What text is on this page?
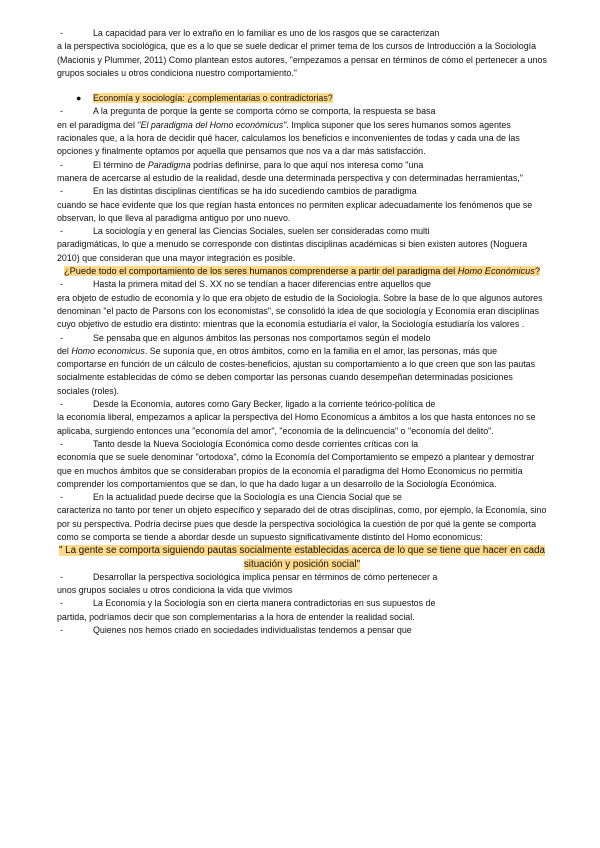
-	La capacidad para ver lo extraño en lo familiar es uno de los rasgos que se caracterizan
a la perspectiva sociológica, que es a lo que se suele dedicar el primer tema de los cursos de Introducción a la Sociología (Macionis y Plummer, 2011) Como plantean estos autores, "empezamos a pensar en términos de cómo el pertenecer a unos grupos sociales u otros condiciona nuestro comportamiento."
● Economía y sociología: ¿complementarias o contradictorias?
-	A la pregunta de porque la gente se comporta cómo se comporta, la respuesta se basa
en el paradigma del "El paradigma del Homo económicus". Implica suponer que los seres humanos somos agentes racionales que, a la hora de decidir qué hacer, calculamos los beneficios e inconvenientes de todas y cada una de las opciones y finalmente optamos por aquella que pensamos que nos va a dar más satisfacción.
-	El término de Paradigma podrías definirse, para lo que aquí nos interesa como "una
manera de acercarse al estudio de la realidad, desde una determinada perspectiva y con determinadas herramientas,"
-	En las distintas disciplinas científicas se ha ido sucediendo cambios de paradigma
cuando se hace evidente que los que regían hasta entonces no permiten explicar adecuadamente los fenómenos que se observan, lo que lleva al paradigma antiguo por uno nuevo.
-	La sociología y en general las Ciencias Sociales, suelen ser consideradas como multi
paradigmáticas, lo que a menudo se corresponde con distintas disciplinas académicas si bien existen autores (Noguera 2010) que consideran que una mayor integración es posible.
¿Puede todo el comportamiento de los seres humanos comprenderse a partir del paradigma del Homo Económicus?
-	Hasta la primera mitad del S. XX no se tendían a hacer diferencias entre aquellos que
era objeto de estudio de economía y lo que era objeto de estudio de la Sociología. Sobre la base de lo que algunos autores denominan "el pacto de Parsons con los economistas", se consolidó la idea de que sociología y Economía eran disciplinas cuyo objetivo de estudio era distinto: mientras que la economía estudiaría el valor, la Sociología estudiaría los valores .
-	Se pensaba que en algunos ámbitos las personas nos comportamos según el modelo
del Homo economicus. Se suponía que, en otros ámbitos, como en la familia en el amor, las personas, más que comportarse en función de un cálculo de costes-beneficios, ajustan su comportamiento a lo que creen que son las pautas socialmente establecidas de cómo se deben comportar las personas cuando desempeñan determinadas posiciones sociales (roles).
-	Desde la Economía, autores como Gary Becker, ligado a la corriente teórico-política de
la economía liberal, empezamos a aplicar la perspectiva del Homo Economicus a ámbitos a los que hasta entonces no se aplicaba, surgiendo entonces una "economía del amor", "economía de la delincuencia" o "economía del delito".
-	Tanto desde la Nueva Sociología Económica como desde corrientes críticas con la
economía que se suele denominar "ortodoxa", cómo la Economía del Comportamiento se empezó a plantear y demostrar que en muchos ámbitos que se consideraban propios de la economía el paradigma del Homo Economicus no permitía comprender los comportamientos que se dan, lo que ha dado lugar a un desarrollo de la Sociología Económica.
-	En la actualidad puede decirse que la Sociología es una Ciencia Social que se
caracteriza no tanto por tener un objeto específico y separado del de otras disciplinas, como, por ejemplo, la Economía, sino por su perspectiva. Podría decirse pues que desde la perspectiva sociológica la cuestión de por qué la gente se comporta como se comporta se tiende a abordar desde un supuesto significativamente distinto del Homo economicus:
" La gente se comporta siguiendo pautas socialmente establecidas acerca de lo que se tiene que hacer en cada situación y posición social"
-	Desarrollar la perspectiva sociológica implica pensar en términos de cómo pertenecer a
unos grupos sociales u otros condiciona la vida que vivimos
-	La Economía y la Sociología son en cierta manera contradictorias en sus supuestos de
partida, podríamos decir que son complementarias a la hora de entender la realidad social.
-	Quienes nos hemos criado en sociedades individualistas tendemos a pensar que
